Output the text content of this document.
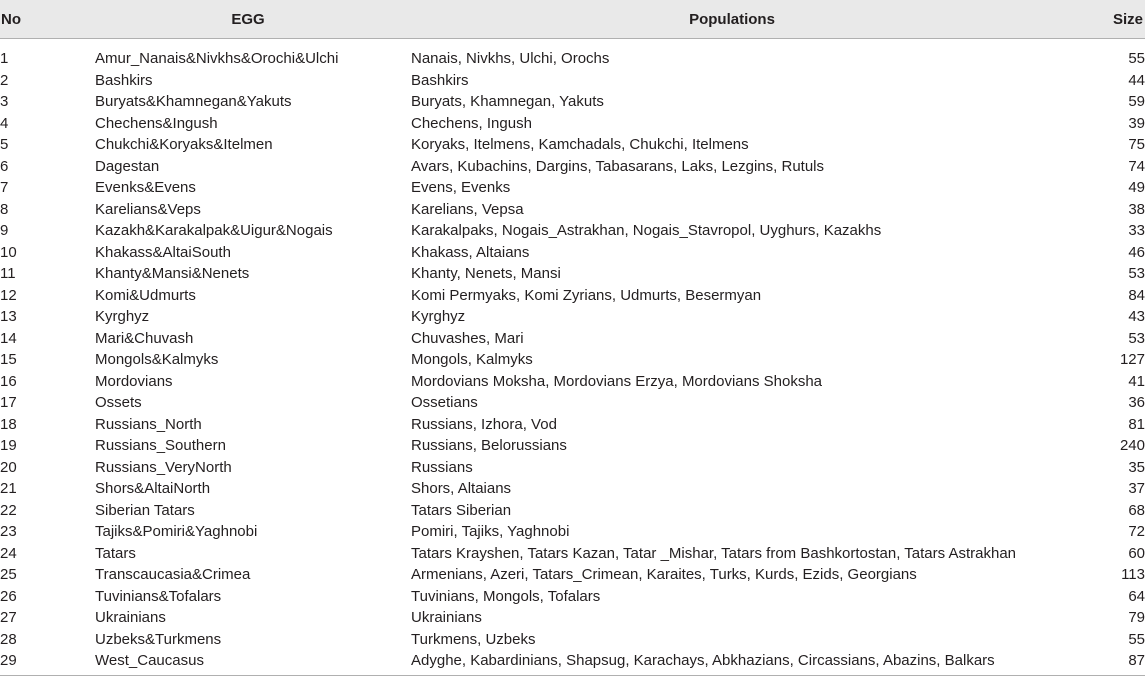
No	EGG	Populations	Size

1	Amur_Nanais&Nivkhs&Orochi&Ulchi	Nanais, Nivkhs, Ulchi, Orochs	55
2	Bashkirs	Bashkirs	44
3	Buryats&Khamnegan&Yakuts	Buryats, Khamnegan, Yakuts	59
4	Chechens&Ingush	Chechens, Ingush	39
5	Chukchi&Koryaks&Itelmen	Koryaks, Itelmens, Kamchadals, Chukchi, Itelmens	75
6	Dagestan	Avars, Kubachins, Dargins, Tabasarans, Laks, Lezgins, Rutuls	74
7	Evenks&Evens	Evens, Evenks	49
8	Karelians&Veps	Karelians, Vepsa	38
9	Kazakh&Karakalpak&Uigur&Nogais	Karakalpaks, Nogais_Astrakhan, Nogais_Stavropol, Uyghurs, Kazakhs	33
10	Khakass&AltaiSouth	Khakass, Altaians	46
11	Khanty&Mansi&Nenets	Khanty, Nenets, Mansi	53
12	Komi&Udmurts	Komi Permyaks, Komi Zyrians, Udmurts, Besermyan	84
13	Kyrghyz	Kyrghyz	43
14	Mari&Chuvash	Chuvashes, Mari	53
15	Mongols&Kalmyks	Mongols, Kalmyks	127
16	Mordovians	Mordovians Moksha, Mordovians Erzya, Mordovians Shoksha	41
17	Ossets	Ossetians	36
18	Russians_North	Russians, Izhora, Vod	81
19	Russians_Southern	Russians, Belorussians	240
20	Russians_VeryNorth	Russians	35
21	Shors&AltaiNorth	Shors, Altaians	37
22	Siberian Tatars	Tatars Siberian	68
23	Tajiks&Pomiri&Yaghnobi	Pomiri, Tajiks, Yaghnobi	72
24	Tatars	Tatars Krayshen, Tatars Kazan, Tatar _Mishar, Tatars from Bashkortostan, Tatars Astrakhan	60
25	Transcaucasia&Crimea	Armenians, Azeri, Tatars_Crimean, Karaites, Turks, Kurds, Ezids, Georgians	113
26	Tuvinians&Tofalars	Tuvinians, Mongols, Tofalars	64
27	Ukrainians	Ukrainians	79
28	Uzbeks&Turkmens	Turkmens, Uzbeks	55
29	West_Caucasus	Adyghe, Kabardinians, Shapsug, Karachays, Abkhazians, Circassians, Abazins, Balkars	87
